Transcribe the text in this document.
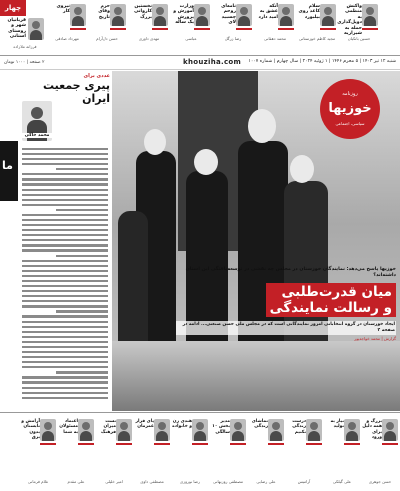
چهار	واکنش منظمی به دوپل‌گذاری حمله به شیرازیه
حسین بانکیان
سلام کاغذ روی بیلبورد
مجید کاظم خوزستانی
آنکه عشق به امید دارد
محمد دهقانی
نامه‌ای روحم چسبید لای
رضا زرگل
وزارت آموزش و پرورش یک ساله
عباسی
نخستین کاروانی بزرگ
مهدی داوری
حرم وفای تاریخ
حسن دل‌آرام
نیروی کار
مهرداد صادقی
قربانیان شهر و روستای استانی
فرزانه ملازاده
۲ صفحه | ۱۰۰۰ تومان	khouziha.com شنبه ۱۲ تیر ۱۴۰۳ | ۵ محرم ۱۴۴۶ | ۱ ژوئیه ۲۰۲۴ | سال چهارم | شماره ۱۰۰۷
روزنامه
خوزیها
سیاسی، اجتماعی
خوزیها پاسخ می‌دهد: نمایندگان خوزستان در مجلس چه نقشی در توسعه‌یافتگی این استان داشته‌اند؟
میان قدرت‌طلبی
و رسالت نمایندگی
ایجاد خوزستان در گروه انتخاباتی امروز نمایندگانی است که در مجلس ملی حسن صنعتی... ادامه در صفحه ۲
گزارش | محمد خواجه‌پور
عددی برای
پیری جمعیت ایران
ما
محمد خاکی
بزرگ و همه دلیل برای ورود
حسن جوهری
نیاز به تولید
علی گیلکی
درست زندگی نکنیم
آرامیس
تماشای زندگی
علی رضایی
مدیر بخش ۱۰ سالگی
مصطفی روزبهانی
هندی زن و خانواده
رضا نوروزی
پای قرار عمرمان
مصطفی داوی
تست میزان فرهنگ
امیر خلیلی
اعتماد مسئولان به شما
علی مقدم
آرامش و تابستان بدون برق
غلام فرمانی
